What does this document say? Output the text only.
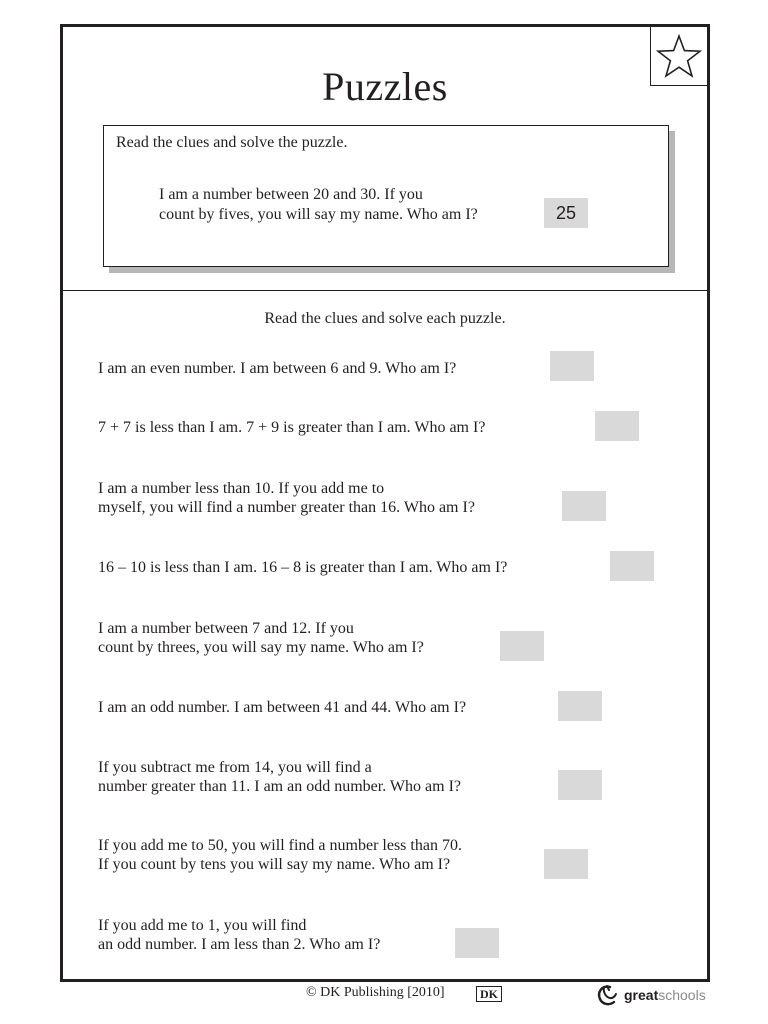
Puzzles
Read the clues and solve the puzzle.
I am a number between 20 and 30. If you
count by fives, you will say my name. Who am I?	25
Read the clues and solve each puzzle.
I am an even number. I am between 6 and 9. Who am I?
7 + 7 is less than I am. 7 + 9 is greater than I am. Who am I?
I am a number less than 10. If you add me to
myself, you will find a number greater than 16. Who am I?
16 – 10 is less than I am. 16 – 8 is greater than I am. Who am I?
I am a number between 7 and 12. If you
count by threes, you will say my name. Who am I?
I am an odd number. I am between 41 and 44. Who am I?
If you subtract me from 14, you will find a
number greater than 11. I am an odd number. Who am I?
If you add me to 50, you will find a number less than 70.
If you count by tens you will say my name. Who am I?
If you add me to 1, you will find
an odd number. I am less than 2. Who am I?
© DK Publishing [2010]	DK	greatschools
